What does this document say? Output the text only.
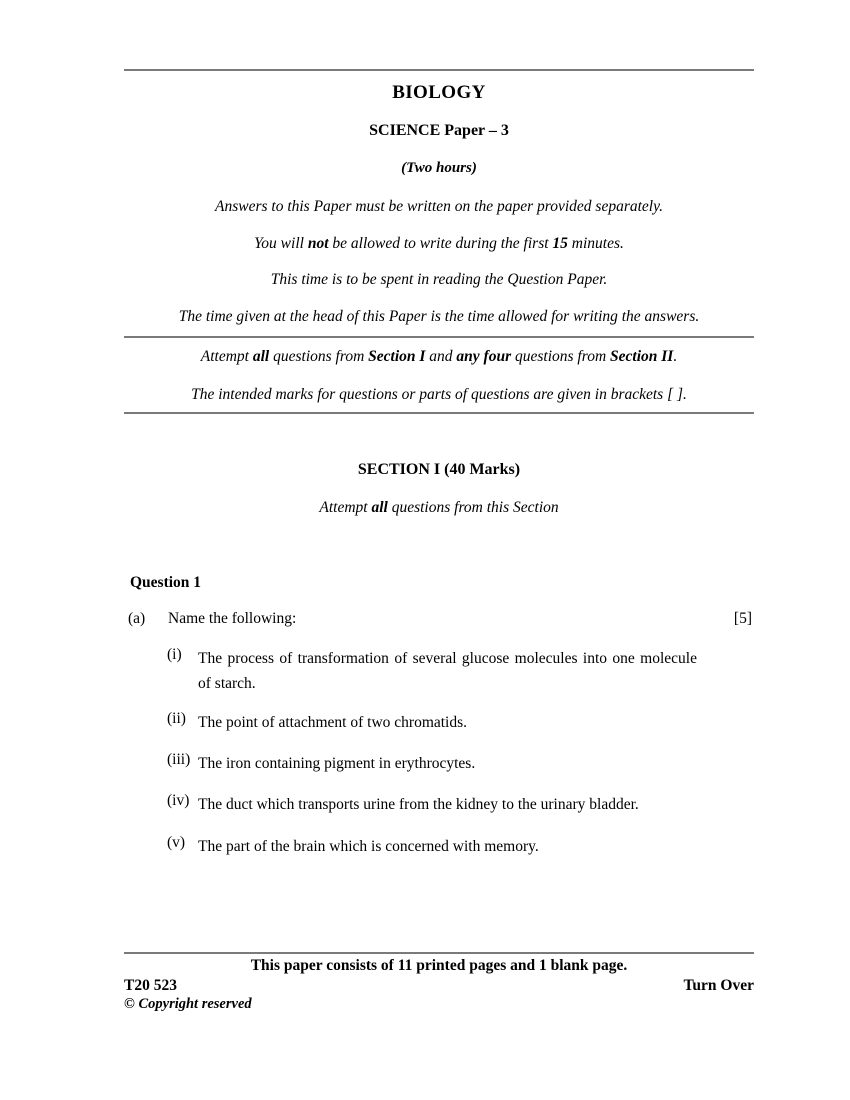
BIOLOGY
SCIENCE Paper – 3
(Two hours)
Answers to this Paper must be written on the paper provided separately.
You will not be allowed to write during the first 15 minutes.
This time is to be spent in reading the Question Paper.
The time given at the head of this Paper is the time allowed for writing the answers.
Attempt all questions from Section I and any four questions from Section II.
The intended marks for questions or parts of questions are given in brackets [ ].
SECTION I (40 Marks)
Attempt all questions from this Section
Question 1
(a) Name the following:	[5]
(i)	The process of transformation of several glucose molecules into one molecule of starch.
(ii) The point of attachment of two chromatids.
(iii) The iron containing pigment in erythrocytes.
(iv) The duct which transports urine from the kidney to the urinary bladder.
(v) The part of the brain which is concerned with memory.
This paper consists of 11 printed pages and 1 blank page.
T20 523	Turn Over
© Copyright reserved
